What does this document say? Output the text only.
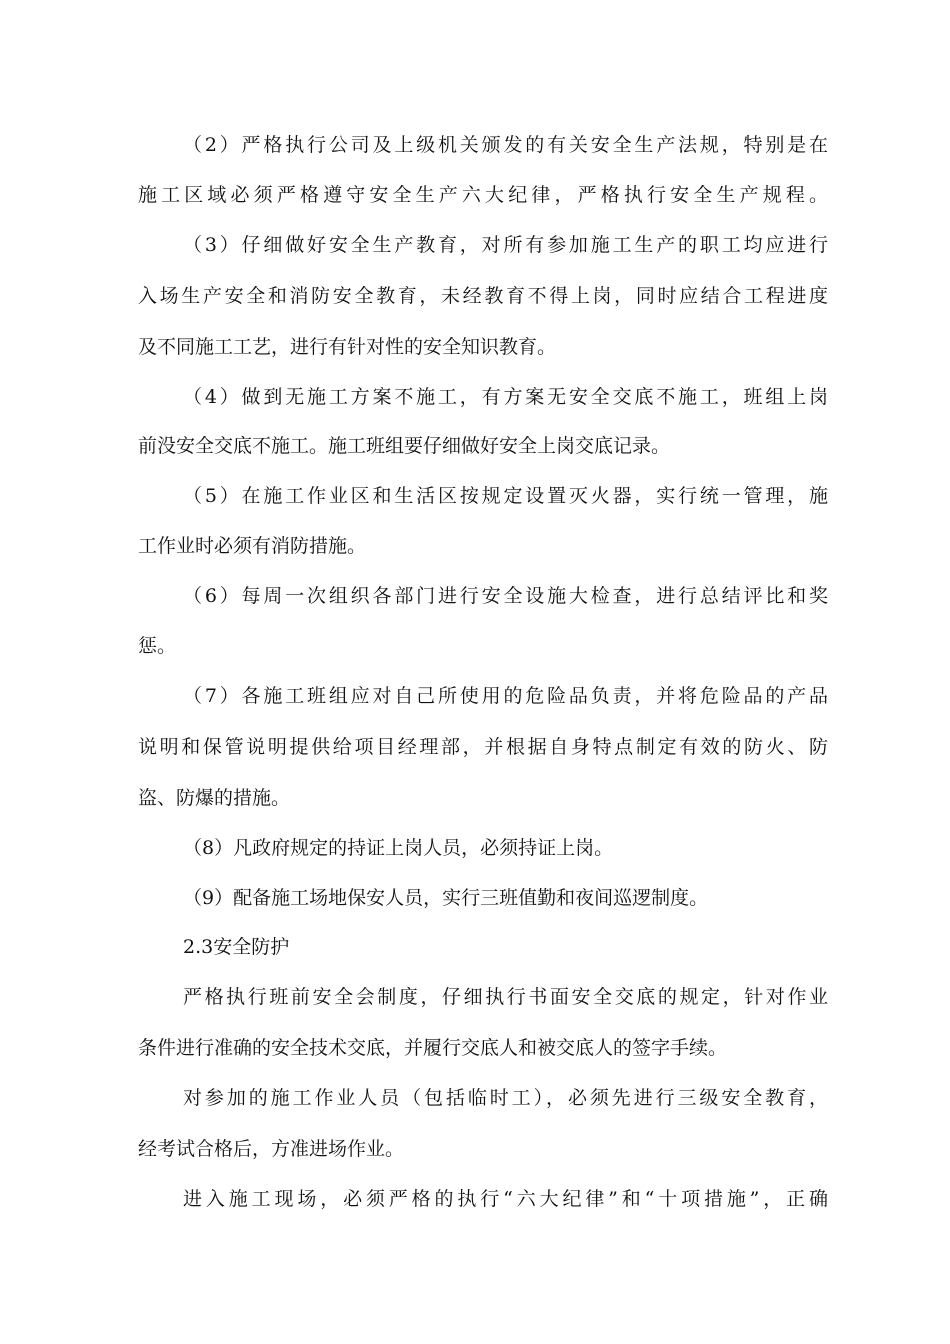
（2）严格执行公司及上级机关颁发的有关安全生产法规，特别是在
施工区域必须严格遵守安全生产六大纪律，严格执行安全生产规程。
（3）仔细做好安全生产教育，对所有参加施工生产的职工均应进行
入场生产安全和消防安全教育，未经教育不得上岗，同时应结合工程进度
及不同施工工艺，进行有针对性的安全知识教育。
（4）做到无施工方案不施工，有方案无安全交底不施工，班组上岗
前没安全交底不施工。施工班组要仔细做好安全上岗交底记录。
（5）在施工作业区和生活区按规定设置灭火器，实行统一管理，施
工作业时必须有消防措施。
（6）每周一次组织各部门进行安全设施大检查，进行总结评比和奖
惩。
（7）各施工班组应对自己所使用的危险品负责，并将危险品的产品
说明和保管说明提供给项目经理部，并根据自身特点制定有效的防火、防
盗、防爆的措施。
（8）凡政府规定的持证上岗人员，必须持证上岗。
（9）配备施工场地保安人员，实行三班值勤和夜间巡逻制度。
2.3安全防护
严格执行班前安全会制度，仔细执行书面安全交底的规定，针对作业
条件进行准确的安全技术交底，并履行交底人和被交底人的签字手续。
对参加的施工作业人员（包括临时工），必须先进行三级安全教育，
经考试合格后，方准进场作业。
进入施工现场，必须严格的执行“六大纪律”和“十项措施”，正确
